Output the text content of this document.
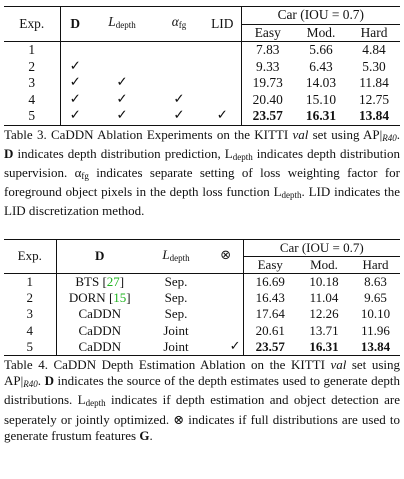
Exp.	D	$L_{depth}$	$\alpha_{fg}$	LID	Car (IOU = 0.7)		
					Easy	Mod.	Hard
1					7.83	5.66	4.84
2	✓				9.33	6.43	5.30
3	✓	✓			19.73	14.03	11.84
4	✓	✓	✓		20.40	15.10	12.75
5	✓	✓	✓	✓	23.57	16.31	13.84

Table 3. CaDDN Ablation Experiments on the KITTI val set using $AP|_{R40}$. D indicates depth distribution prediction, $L_{depth}$ indicates depth distribution supervision. $\alpha_{fg}$ indicates separate setting of loss weighting factor for foreground object pixels in the depth loss function $L_{depth}$. LID indicates the LID discretization method.

Exp.	D	$L_{depth}$	⊗	Car (IOU = 0.7)		
				Easy	Mod.	Hard
1	BTS [27]	Sep.		16.69	10.18	8.63
2	DORN [15]	Sep.		16.43	11.04	9.65
3	CaDDN	Sep.		17.64	12.26	10.10
4	CaDDN	Joint		20.61	13.71	11.96
5	CaDDN	Joint	✓	23.57	16.31	13.84

Table 4. CaDDN Depth Estimation Ablation on the KITTI val set using $AP|_{R40}$. D indicates the source of the depth estimates used to generate depth distributions. $L_{depth}$ indicates if depth estimation and object detection are seperately or jointly optimized. ⊗ indicates if full distributions are used to generate frustum features G.
